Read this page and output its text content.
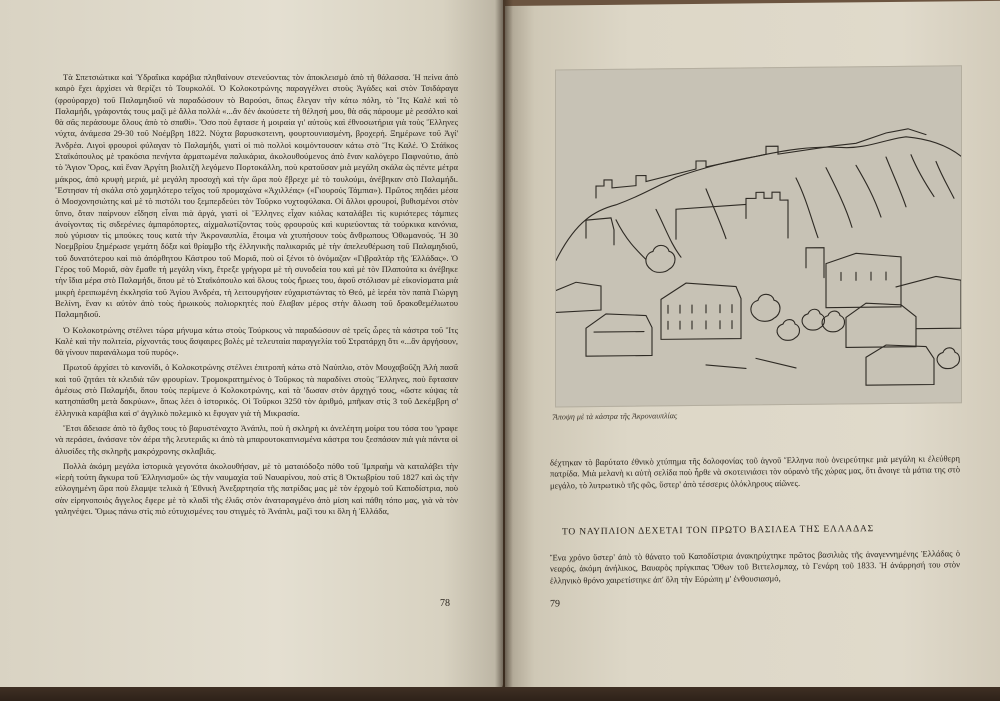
Τὰ Σπετσιώτικα καὶ Ὑδραΐικα καράβια πληθαίνουν στενεύοντας τὸν ἀποκλεισμὸ ἀπὸ τὴ θάλασσα. Ἡ πείνα ἀπὸ καιρὸ ἔχει ἀρχίσει νὰ θερίζει τὸ Τουρκολόϊ. Ὁ Κολοκοτρώνης παραγγέλνει στοὺς Ἀγάδες καὶ στὸν Τσιδάραγα (φρούραρχο) τοῦ Παλαμηδιοῦ νὰ παραδώσουν τὸ Βαρούσι, ὅπως ἔλεγαν τὴν κάτω πόλη, τὸ Ἴτς Καλὲ καὶ τὸ Παλαμήδι, γράφοντάς τους μαζὶ μὲ ἄλλα πολλὰ «...ἂν δὲν ἀκούσετε τὴ θέλησή μου, θὰ σᾶς πάρουμε μὲ ρεσάλτο καὶ θὰ σᾶς περάσουμε ὅλους ἀπὸ τὸ σπαθί». Ὅσο ποὺ ἔφτασε ἡ μοιραία γι' αὐτοὺς καὶ ἐθνοσωτήρια γιὰ τοὺς Ἕλληνες νύχτα, ἀνάμεσα 29-30 τοῦ Νοέμβρη 1822. Νύχτα βαρυσκοτεινη, φουρτουνιασμένη, βροχερή. Ξημέρωνε τοῦ Ἁγί' Ἀνδρέα. Λιγοὶ φρουροὶ φύλαγαν τὸ Παλαμήδι, γιατὶ οἱ πιὸ πολλοὶ κοιμόντουσαν κάτω στὸ Ἴτς Καλέ. Ὁ Στάϊκος Σταϊκόπουλος μὲ τρακόσια πενήντα ἀρματωμένα παλικάρια, ἀκολουθούμενος ἀπὸ ἕναν καλόγερο Παφνούτιο, ἀπὸ τὸ Ἅγιον Ὅρος, καὶ ἕναν Ἀργίτη βιολιτζῆ λεγόμενο Πορτοκάλλη, ποὺ κρατοῦσαν μιὰ μεγάλη σκάλα ὡς πέντε μέτρα μάκρος, ἀπὸ κρυφὴ μεριά, μὲ μεγάλη προσοχὴ καὶ τὴν ὥρα ποὺ ἔβρεχε μὲ τὸ τουλούμι, ἀνέβηκαν στὸ Παλαμήδι. Ἔστησαν τὴ σκάλα στὸ χαμηλότερο τεῖχος τοῦ προμαχώνα «Ἀχιλλέας» («Γιουρούς Τάμπια»). Πρῶτος πηδάει μέσα ὁ Μοσχονησιώτης καὶ μὲ τὸ πιστόλι του ξεμπερδεύει τὸν Τοῦρκο νυχτοφύλακα. Οἱ ἄλλοι φρουροί, βυθισμένοι στὸν ὕπνο, ὅταν παίρνουν εἴδηση εἶναι πιὰ ἀργά, γιατὶ οἱ Ἕλληνες εἶχαν κιόλας καταλάβει τὶς κυριότερες τάμπιες ἀνοίγοντας τὶς σιδερένιες ἀμπαρόπορτες, αἰχμαλωτίζοντας τοὺς φρουροὺς καὶ κυριεύοντας τὰ τούρκικα κανόνια, ποὺ γύρισαν τὶς μπούκες τους κατὰ τὴν Ἀκροναυπλία, ἕτοιμα νὰ χτυπήσουν τοὺς ἄνθρωπους Ὀθωμανούς. Ἡ 30 Νοεμβρίου ξημέρωσε γεμάτη δόξα καὶ θρίαμβο τῆς ἑλληνικῆς παλικαριᾶς μὲ τὴν ἀπελευθέρωση τοῦ Παλαμηδιοῦ, τοῦ δυνατότερου καὶ πιὸ ἀπόρθητου Κάστρου τοῦ Μοριᾶ, ποὺ οἱ ξένοι τὸ ὀνόμαζαν «Γιβραλτὰρ τῆς Ἑλλάδας». Ὁ Γέρος τοῦ Μοριᾶ, σὰν ἔμαθε τὴ μεγάλη νίκη, ἔτρεξε γρήγορα μὲ τὴ συνοδεία του καὶ μὲ τὸν Πλαπούτα κι ἀνέβηκε τὴν ἴδια μέρα στὸ Παλαμήδι, ὅπου μὲ τὸ Σταϊκόπουλο καὶ ὅλους τοὺς ἥρωες του, ἀφοῦ στόλισαν μὲ εἰκονίσματα μιὰ μικρὴ ἐρειπωμένη ἐκκλησία τοῦ Ἁγίου Ἀνδρέα, τὴ λειτουργήσαν εὐχαριστώντας τὸ Θεό, μὲ ἱερέα τὸν παπὰ Γιώργη Βελίνη, ἕναν κι αὐτὸν ἀπὸ τοὺς ἡρωικοὺς πολιορκητὲς ποὺ ἔλαβαν μέρος στὴν ἅλωση τοῦ δρακοθεμέλιωτου Παλαμηδιοῦ.

Ὁ Κολοκοτρώνης στέλνει τώρα μήνυμα κάτω στοὺς Τούρκους νὰ παραδώσουν σὲ τρεῖς ὧρες τὰ κάστρα τοῦ Ἴτς Καλὲ καὶ τὴν πολιτεία, ρίχνοντάς τους ἄσφαιρες βολὲς μὲ τελευταία παραγγελία τοῦ Στρατάρχη ὅτι «...ἂν ἀργήσουν, θὰ γίνουν παρανάλωμα τοῦ πυρός».

Πρωτοῦ ἀρχίσει τὸ κανονίδι, ὁ Κολοκοτρώνης στέλνει ἐπιτροπὴ κάτω στὸ Ναύπλιο, στὸν Μουχαβοῦζη Ἀλὴ πασᾶ καὶ τοῦ ζητάει τὰ κλειδιὰ τῶν φρουρίων. Τρομοκρατημένος ὁ Τοῦρκος τὰ παραδίνει στοὺς Ἕλληνες, ποὺ ἔφτασαν ἀμέσως στὸ Παλαμήδι, ὅπου τοὺς περίμενε ὁ Κολοκοτρώνης, καὶ τὰ 'δωσαν στὸν ἀρχηγό τους, «ὥστε κύψας τὰ κατησπάσθη μετὰ δακρύων», ὅπως λέει ὁ ἱστορικός. Οἱ Τοῦρκοι 3250 τὸν ἀριθμό, μπῆκαν στὶς 3 τοῦ Δεκέμβρη σ' ἑλληνικὰ καράβια καὶ σ' ἀγγλικὸ πολεμικὸ κι ἔφυγαν γιὰ τὴ Μικρασία.

Ἔτσι ἄδειασε ἀπὸ τὸ ἄχθος τους τὸ βαρυστέναχτο Ἀνάπλι, ποὺ ἡ σκληρὴ κι ἀνελέητη μοίρα του τόσα του 'γραφε νὰ περάσει, ἀνάσανε τὸν ἀέρα τῆς λευτεριᾶς κι ἀπὸ τὰ μπαρουτοκαπνισμένα κάστρα του ξεσπάσαν πιὰ γιὰ πάντα οἱ ἁλυσίδες τῆς σκληρῆς μακρόχρονης σκλαβιᾶς.

Πολλὰ ἀκόμη μεγάλα ἱστορικὰ γεγονότα ἀκολουθήσαν, μὲ τὸ ματαιόδοξο πόθο τοῦ Ἰμπραὴμ νὰ καταλάβει τὴν «ἱερὴ τούτη ἄγκυρα τοῦ Ἑλληνισμοῦ» ὡς τὴν ναυμαχία τοῦ Ναυαρίνου, ποὺ στὶς 8 Ὀκτωβρίου τοῦ 1827 καὶ ὡς τὴν εὐλογημένη ὥρα ποὺ ἔλαμψε τελικὰ ἡ Ἐθνικὴ Ἀνεξαρτησία τῆς πατρίδας μας μὲ τὸν ἐρχομὸ τοῦ Καποδίστρια, ποὺ σὰν εἰρηνοποιὸς ἄγγελος ἔφερε μὲ τὸ κλαδὶ τῆς ἐλιᾶς στὸν ἀναταραγμένο ἀπὸ μίση καὶ πάθη τόπο μας, γιὰ νὰ τὸν γαληνέψει. Ὅμως πάνω στὶς πιὸ εὐτυχισμένες του στιγμὲς τὸ Ἀνάπλι, μαζὶ του κι ὅλη ἡ Ἑλλάδα,

78
Ἄποψη μὲ τὰ κάστρα τῆς Ἀκροναυπλίας
δέχτηκαν τὸ βαρύτατο ἐθνικὸ χτύπημα τῆς δολοφονίας τοῦ ἀγνοῦ Ἕλληνα ποὺ ὀνειρεύτηκε μιὰ μεγάλη κι ἐλεύθερη πατρίδα. Μιὰ μελανὴ κι αὐτὴ σελίδα ποὺ ἦρθε νὰ σκοτεινιάσει τὸν οὐρανὸ τῆς χώρας μας, ὅτι ἄνοιγε τὰ μάτια της στὸ μεγάλο, τὸ λυτρωτικὸ τῆς φῶς, ὕστερ' ἀπὸ τέσσερις ὁλόκληρους αἰῶνες.
ΤΟ ΝΑΥΠΛΙΟΝ ΔΕΧΕΤΑΙ ΤΟΝ ΠΡΩΤΟ ΒΑΣΙΛΕΑ ΤΗΣ ΕΛΛΑΔΑΣ
Ἕνα χρόνο ὕστερ' ἀπὸ τὸ θάνατο τοῦ Καποδίστρια ἀνακηρύχτηκε πρῶτος βασιλιὰς τῆς ἀναγεννημένης Ἑλλάδας ὁ νεαρός, ἀκόμη ἀνήλικος, Βαυαρὸς πρίγκιπας Ὄθων τοῦ Βιττελσμπαχ, τὸ Γενάρη τοῦ 1833. Ἡ ἀνάρρησή του στὸν ἑλληνικὸ θρόνο χαιρετίστηκε ἀπ' ὅλη τὴν Εὐρώπη μ' ἐνθουσιασμό,
79
